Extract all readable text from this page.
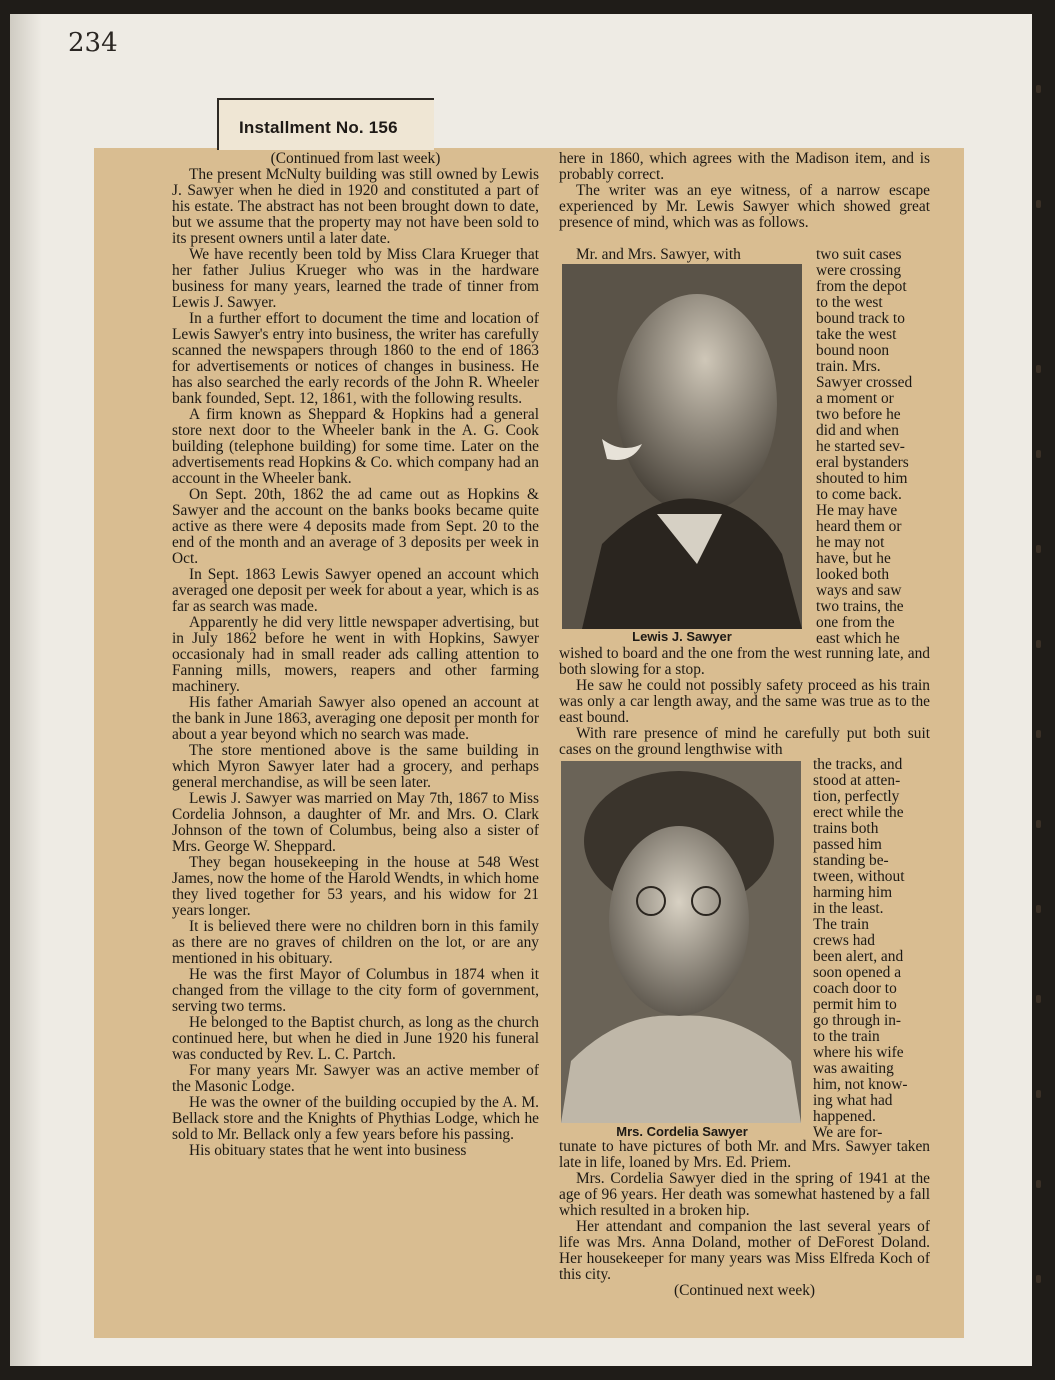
234
Installment No. 156

(Continued from last week)

The present McNulty building was still owned by Lewis J. Sawyer when he died in 1920 and constituted a part of his estate. The abstract has not been brought down to date, but we assume that the property may not have been sold to its present owners until a later date.

We have recently been told by Miss Clara Krueger that her father Julius Krueger who was in the hardware business for many years, learned the trade of tinner from Lewis J. Sawyer.

In a further effort to document the time and location of Lewis Sawyer's entry into business, the writer has carefully scanned the newspapers through 1860 to the end of 1863 for advertisements or notices of changes in business. He has also searched the early records of the John R. Wheeler bank founded, Sept. 12, 1861, with the following results.

A firm known as Sheppard & Hopkins had a general store next door to the Wheeler bank in the A. G. Cook building (telephone building) for some time. Later on the advertisements read Hopkins & Co. which company had an account in the Wheeler bank.

On Sept. 20th, 1862 the ad came out as Hopkins & Sawyer and the account on the banks books became quite active as there were 4 deposits made from Sept. 20 to the end of the month and an average of 3 deposits per week in Oct.

In Sept. 1863 Lewis Sawyer opened an account which averaged one deposit per week for about a year, which is as far as search was made.

Apparently he did very little newspaper advertising, but in July 1862 before he went in with Hopkins, Sawyer occasionaly had in small reader ads calling attention to Fanning mills, mowers, reapers and other farming machinery.

His father Amariah Sawyer also opened an account at the bank in June 1863, averaging one deposit per month for about a year beyond which no search was made.

The store mentioned above is the same building in which Myron Sawyer later had a grocery, and perhaps general merchandise, as will be seen later.

Lewis J. Sawyer was married on May 7th, 1867 to Miss Cordelia Johnson, a daughter of Mr. and Mrs. O. Clark Johnson of the town of Columbus, being also a sister of Mrs. George W. Sheppard.

They began housekeeping in the house at 548 West James, now the home of the Harold Wendts, in which home they lived together for 53 years, and his widow for 21 years longer.

It is believed there were no children born in this family as there are no graves of children on the lot, or are any mentioned in his obituary.

He was the first Mayor of Columbus in 1874 when it changed from the village to the city form of government, serving two terms.

He belonged to the Baptist church, as long as the church continued here, but when he died in June 1920 his funeral was conducted by Rev. L. C. Partch.

For many years Mr. Sawyer was an active member of the Masonic Lodge.

He was the owner of the building occupied by the A. M. Bellack store and the Knights of Phythias Lodge, which he sold to Mr. Bellack only a few years before his passing.

His obituary states that he went into business

here in 1860, which agrees with the Madison item, and is probably correct.

The writer was an eye witness, of a narrow escape experienced by Mr. Lewis Sawyer which showed great presence of mind, which was as follows.

Mr. and Mrs. Sawyer, with
Lewis J. Sawyer
two suit cases
were crossing
from the depot
to the west
bound track to
take the west
bound noon
train. Mrs.
Sawyer crossed
a moment or
two before he
did and when
he started sev-
eral bystanders
shouted to him
to come back.
He may have
heard them or
he may not
have, but he
looked both
ways and saw
two trains, the
one from the
east which he

wished to board and the one from the west running late, and both slowing for a stop.

He saw he could not possibly safety proceed as his train was only a car length away, and the same was true as to the east bound.

With rare presence of mind he carefully put both suit cases on the ground lengthwise with

Mrs. Cordelia Sawyer
the tracks, and
stood at atten-
tion, perfectly
erect while the
trains both
passed him
standing be-
tween, without
harming him
in the least.
The train
crews had
been alert, and
soon opened a
coach door to
permit him to
go through in-
to the train
where his wife
was awaiting
him, not know-
ing what had
happened.
We are for-

tunate to have pictures of both Mr. and Mrs. Sawyer taken late in life, loaned by Mrs. Ed. Priem.

Mrs. Cordelia Sawyer died in the spring of 1941 at the age of 96 years. Her death was somewhat hastened by a fall which resulted in a broken hip.

Her attendant and companion the last several years of life was Mrs. Anna Doland, mother of DeForest Doland. Her housekeeper for many years was Miss Elfreda Koch of this city.

(Continued next week)
